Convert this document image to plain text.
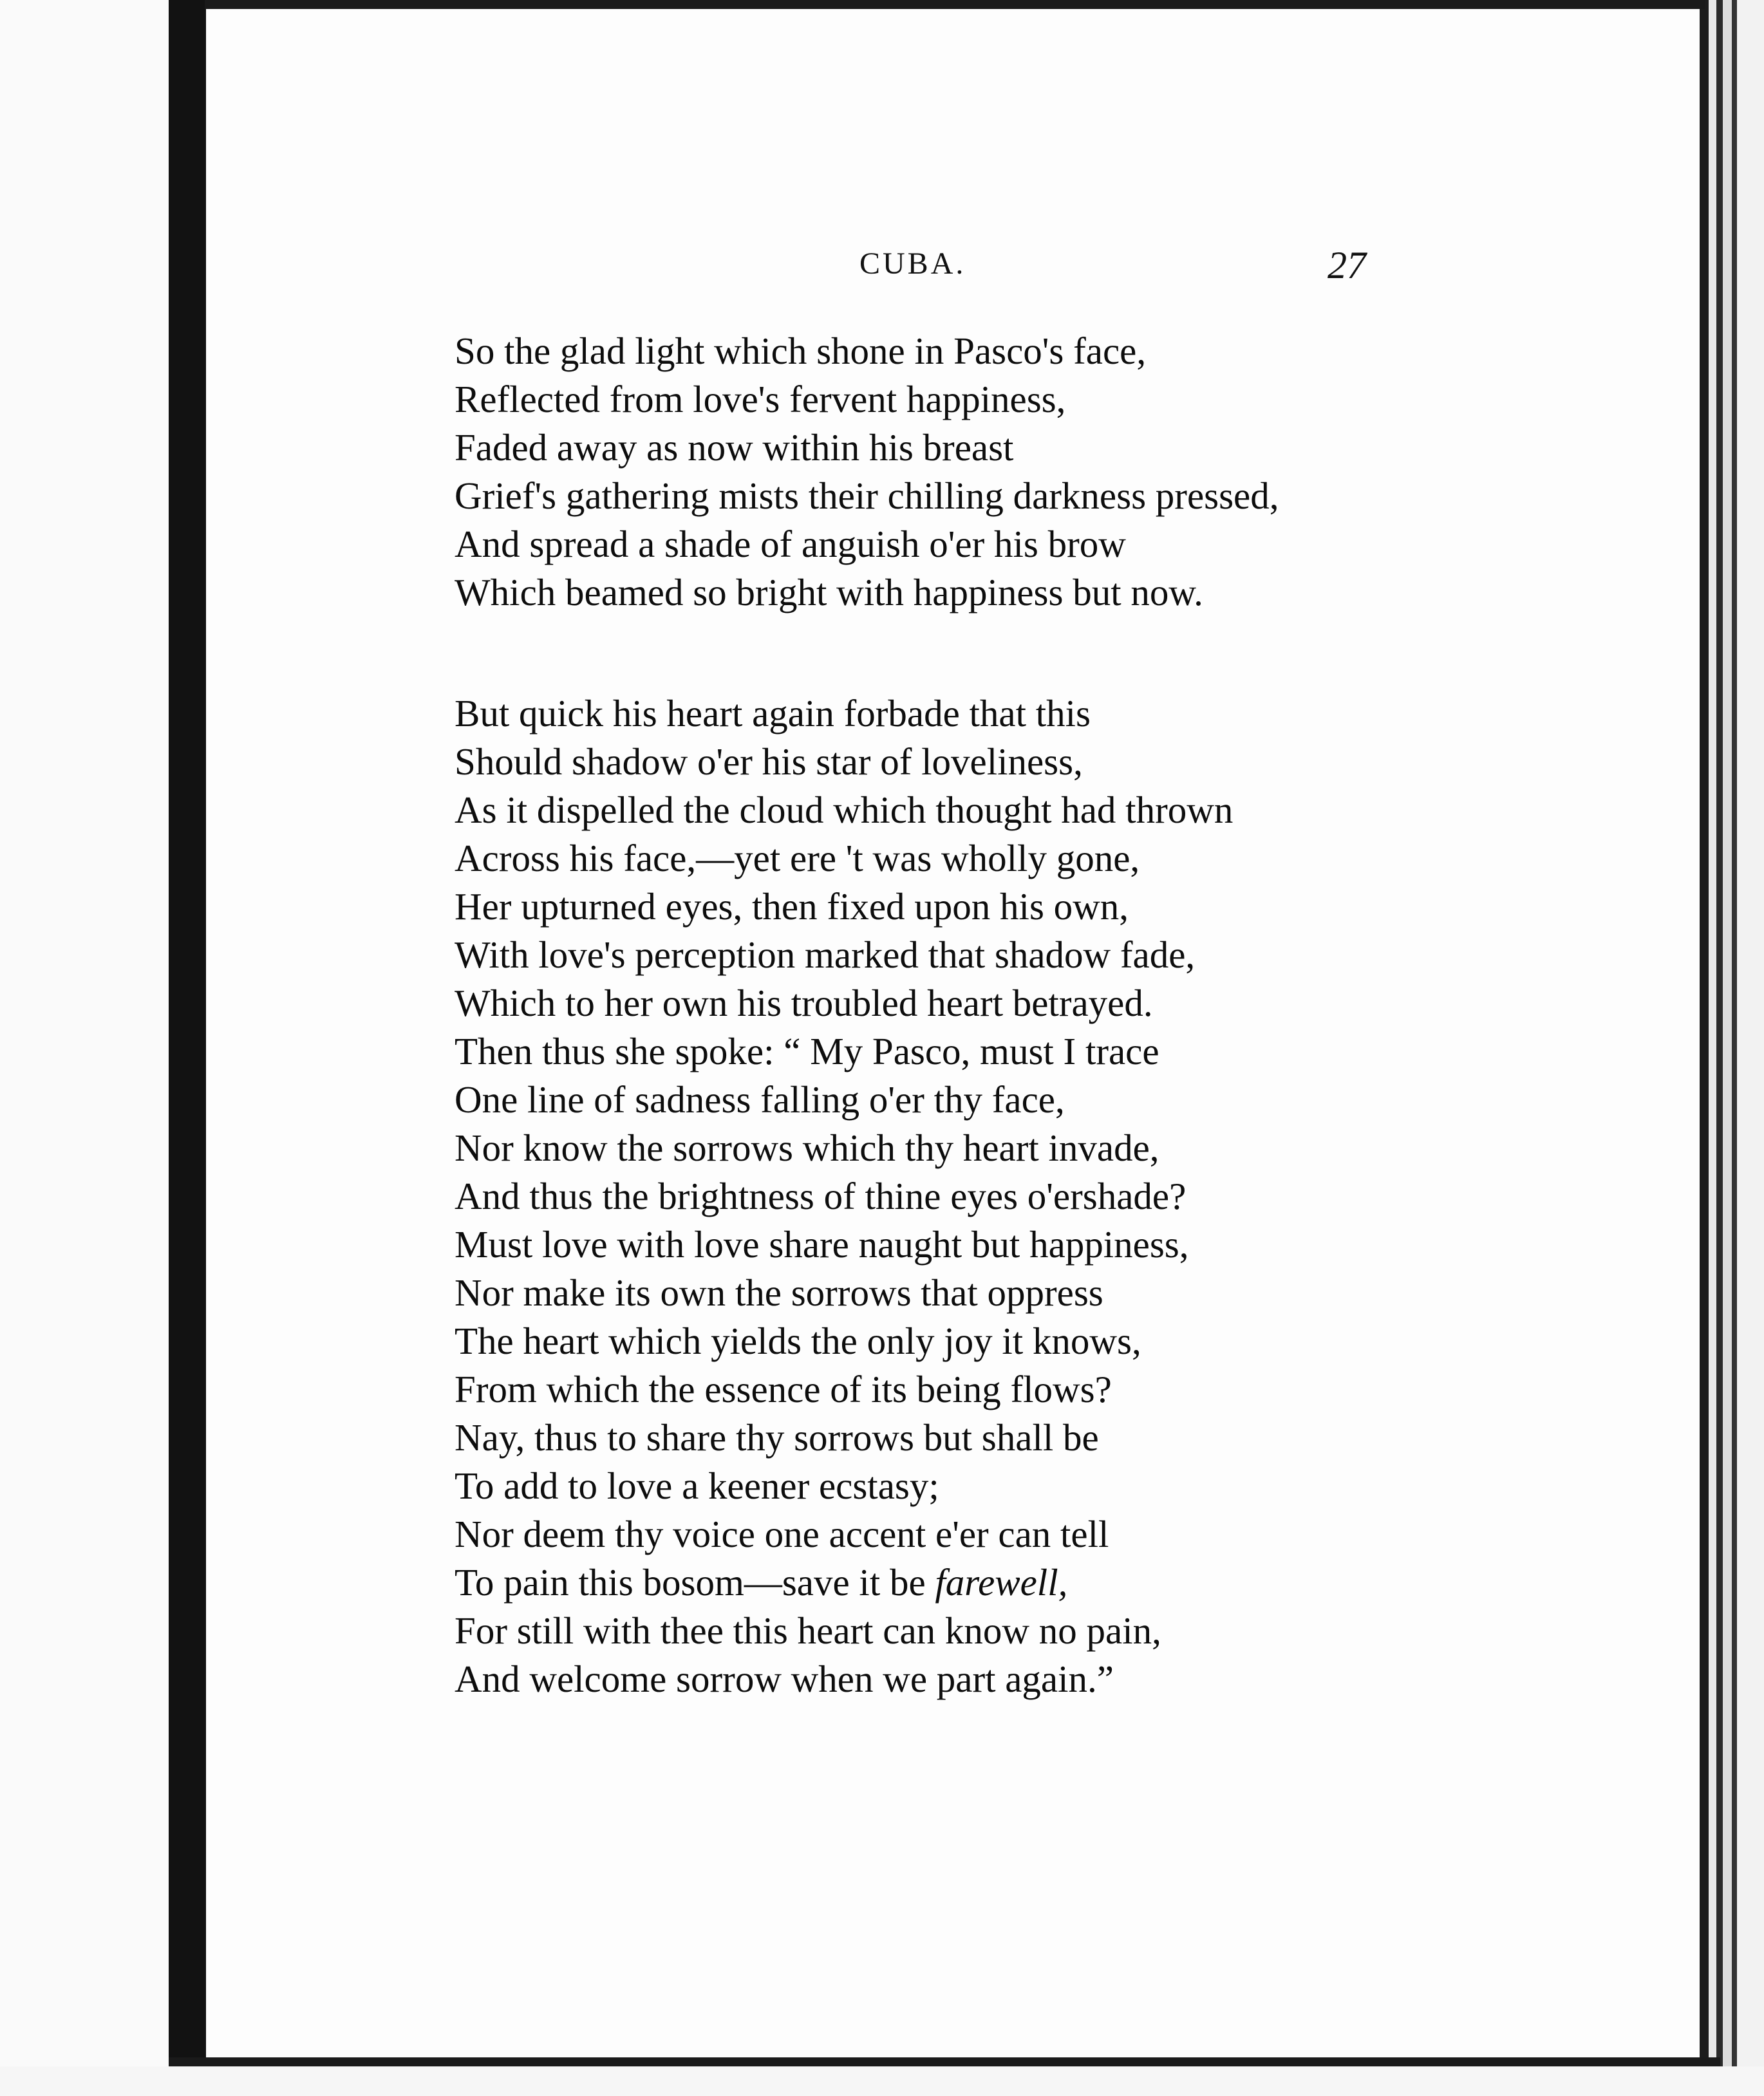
CUBA.	27
So the glad light which shone in Pasco's face,
Reflected from love's fervent happiness,
Faded away as now within his breast
Grief's gathering mists their chilling darkness pressed,
And spread a shade of anguish o'er his brow
Which beamed so bright with happiness but now.
But quick his heart again forbade that this
Should shadow o'er his star of loveliness,
As it dispelled the cloud which thought had thrown
Across his face,—yet ere 't was wholly gone,
Her upturned eyes, then fixed upon his own,
With love's perception marked that shadow fade,
Which to her own his troubled heart betrayed.
Then thus she spoke: “ My Pasco, must I trace
One line of sadness falling o'er thy face,
Nor know the sorrows which thy heart invade,
And thus the brightness of thine eyes o'ershade?
Must love with love share naught but happiness,
Nor make its own the sorrows that oppress
The heart which yields the only joy it knows,
From which the essence of its being flows?
Nay, thus to share thy sorrows but shall be
To add to love a keener ecstasy;
Nor deem thy voice one accent e'er can tell
To pain this bosom—save it be farewell,
For still with thee this heart can know no pain,
And welcome sorrow when we part again.”
